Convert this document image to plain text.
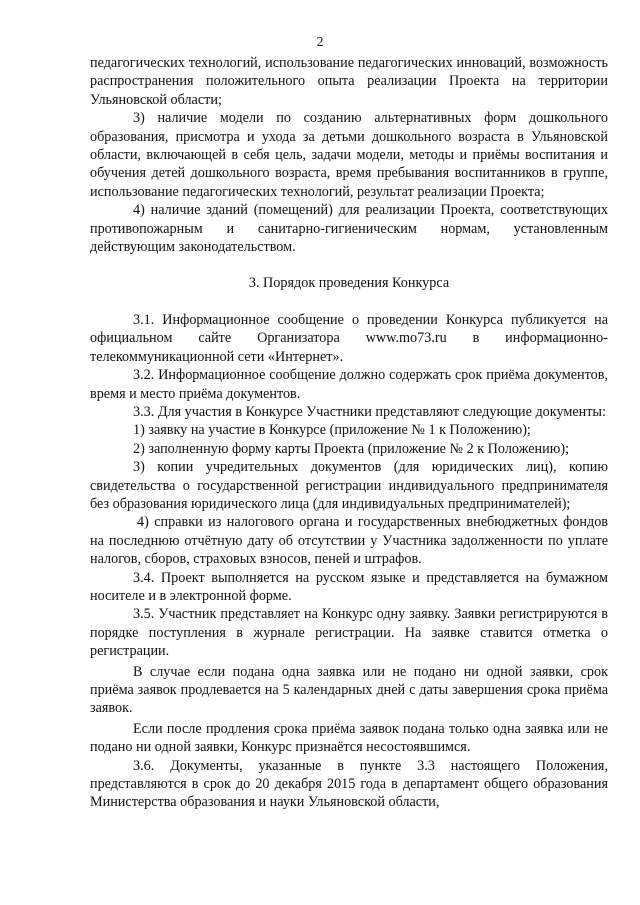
2

педагогических технологий, использование педагогических инноваций, возможность распространения положительного опыта реализации Проекта на территории Ульяновской области;

3) наличие модели по созданию альтернативных форм дошкольного образования, присмотра и ухода за детьми дошкольного возраста в Ульяновской области, включающей в себя цель, задачи модели, методы и приёмы воспитания и обучения детей дошкольного возраста, время пребывания воспитанников в группе, использование педагогических технологий, результат реализации Проекта;

4) наличие зданий (помещений) для реализации Проекта, соответствующих противопожарным и санитарно-гигиеническим нормам, установленным действующим законодательством.

3. Порядок проведения Конкурса

3.1. Информационное сообщение о проведении Конкурса публикуется на официальном сайте Организатора www.mo73.ru в информационно-телекоммуникационной сети «Интернет».

3.2. Информационное сообщение должно содержать срок приёма документов, время и место приёма документов.

3.3. Для участия в Конкурсе Участники представляют следующие документы:

1) заявку на участие в Конкурсе (приложение № 1 к Положению);

2) заполненную форму карты Проекта (приложение № 2 к Положению);

3) копии учредительных документов (для юридических лиц), копию свидетельства о государственной регистрации индивидуального предпринимателя без образования юридического лица (для индивидуальных предпринимателей);

4) справки из налогового органа и государственных внебюджетных фондов на последнюю отчётную дату об отсутствии у Участника задолженности по уплате налогов, сборов, страховых взносов, пеней и штрафов.

3.4. Проект выполняется на русском языке и представляется на бумажном носителе и в электронной форме.

3.5. Участник представляет на Конкурс одну заявку. Заявки регистрируются в порядке поступления в журнале регистрации. На заявке ставится отметка о регистрации.

В случае если подана одна заявка или не подано ни одной заявки, срок приёма заявок продлевается на 5 календарных дней с даты завершения срока приёма заявок.

Если после продления срока приёма заявок подана только одна заявка или не подано ни одной заявки, Конкурс признаётся несостоявшимся.

3.6. Документы, указанные в пункте 3.3 настоящего Положения, представляются в срок до 20 декабря 2015 года в департамент общего образования Министерства образования и науки Ульяновской области,
